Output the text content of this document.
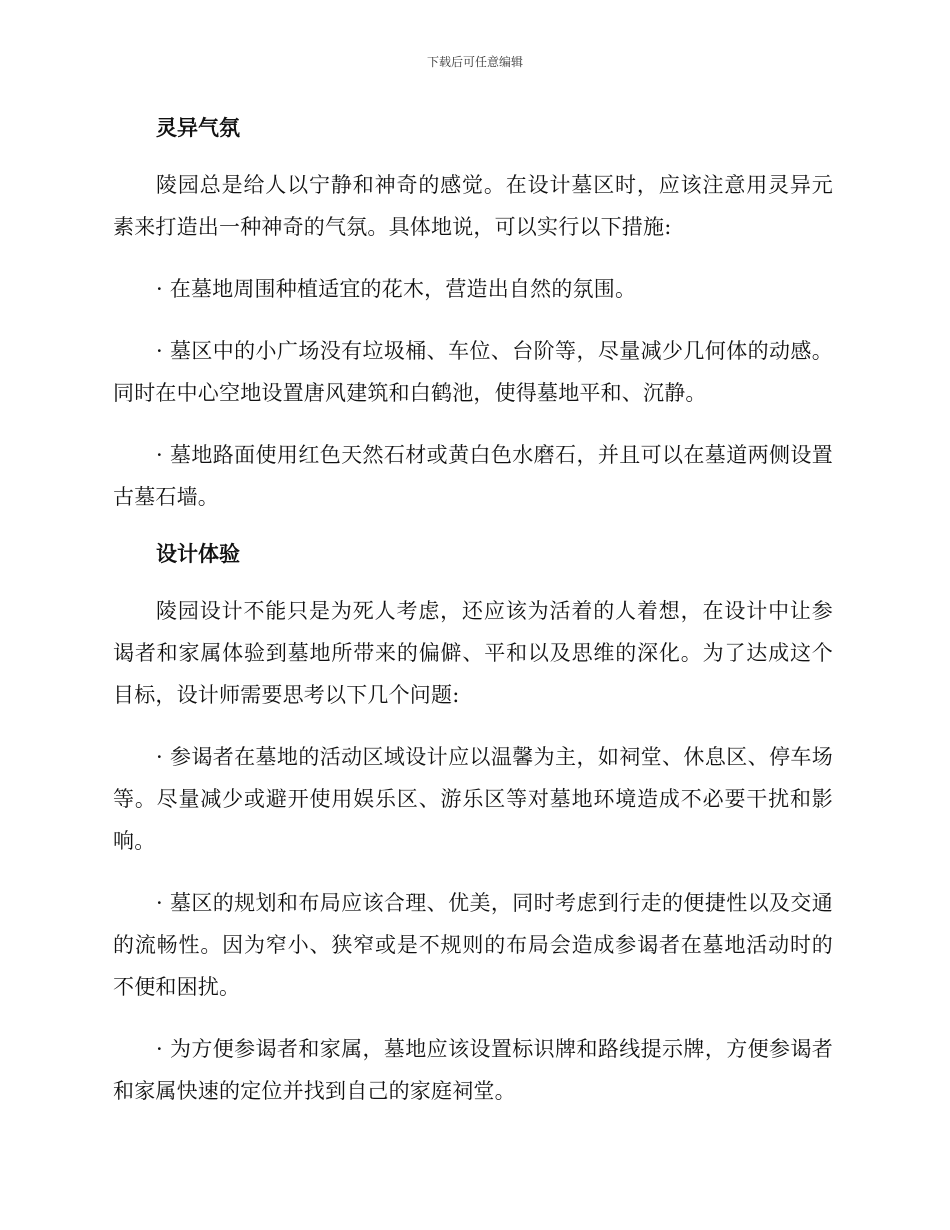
下载后可任意编辑
灵异气氛

陵园总是给人以宁静和神奇的感觉。在设计墓区时，应该注意用灵异元素来打造出一种神奇的气氛。具体地说，可以实行以下措施:

· 在墓地周围种植适宜的花木，营造出自然的氛围。

· 墓区中的小广场没有垃圾桶、车位、台阶等，尽量减少几何体的动感。同时在中心空地设置唐风建筑和白鹤池，使得墓地平和、沉静。

· 墓地路面使用红色天然石材或黄白色水磨石，并且可以在墓道两侧设置古墓石墙。

设计体验

陵园设计不能只是为死人考虑，还应该为活着的人着想，在设计中让参谒者和家属体验到墓地所带来的偏僻、平和以及思维的深化。为了达成这个目标，设计师需要思考以下几个问题:

· 参谒者在墓地的活动区域设计应以温馨为主，如祠堂、休息区、停车场等。尽量减少或避开使用娱乐区、游乐区等对墓地环境造成不必要干扰和影响。

· 墓区的规划和布局应该合理、优美，同时考虑到行走的便捷性以及交通的流畅性。因为窄小、狭窄或是不规则的布局会造成参谒者在墓地活动时的不便和困扰。

· 为方便参谒者和家属，墓地应该设置标识牌和路线提示牌，方便参谒者和家属快速的定位并找到自己的家庭祠堂。
